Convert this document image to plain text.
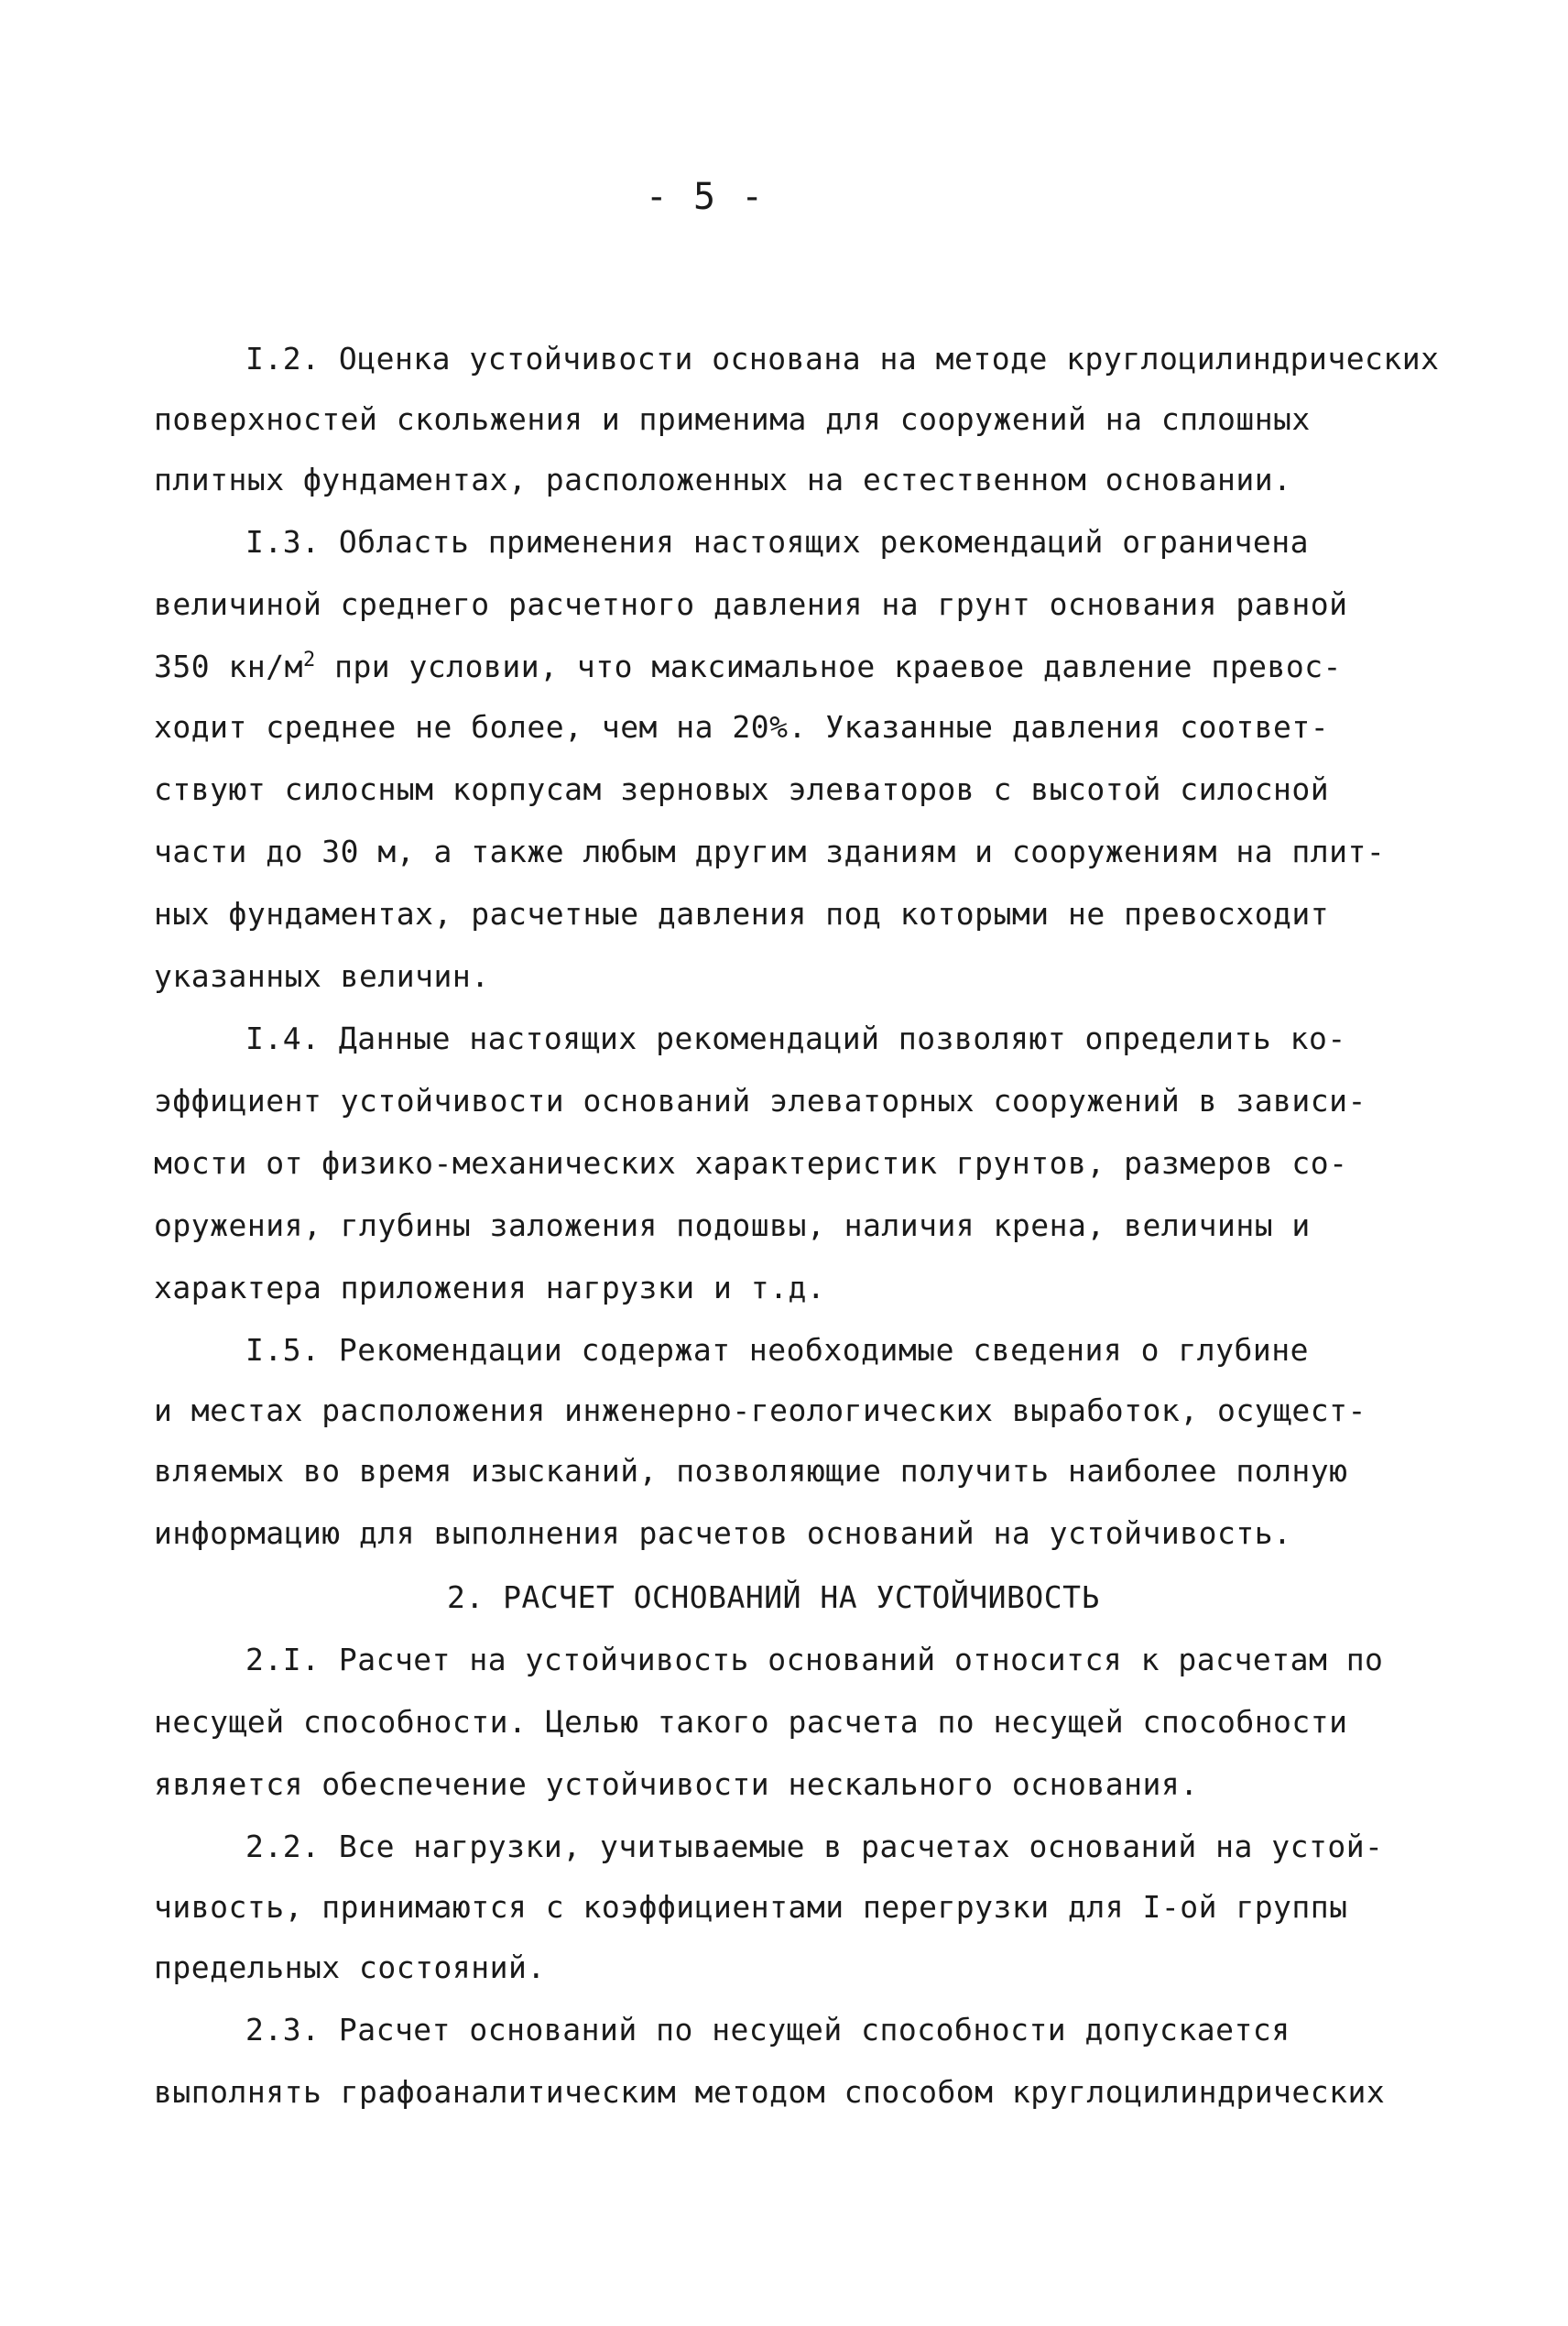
- 5 -
I.2. Оценка устойчивости основана на методе круглоцилиндрических
поверхностей скольжения и применима для сооружений на сплошных
плитных фундаментах, расположенных на естественном основании.
I.3. Область применения настоящих рекомендаций ограничена
величиной среднего расчетного давления на грунт основания равной
350 $кн/м^2$ при условии, что максимальное краевое давление превос-
ходит среднее не более, чем на 20%. Указанные давления соответ-
ствуют силосным корпусам зерновых элеваторов с высотой силосной
части до 30 м, а также любым другим зданиям и сооружениям на плит-
ных фундаментах, расчетные давления под которыми не превосходит
указанных величин.
I.4. Данные настоящих рекомендаций позволяют определить ко-
эффициент устойчивости оснований элеваторных сооружений в зависи-
мости от физико-механических характеристик грунтов, размеров со-
оружения, глубины заложения подошвы, наличия крена, величины и
характера приложения нагрузки и т.д.
I.5. Рекомендации содержат необходимые сведения о глубине
и местах расположения инженерно-геологических выработок, осущест-
вляемых во время изысканий, позволяющие получить наиболее полную
информацию для выполнения расчетов оснований на устойчивость.
2. РАСЧЕТ ОСНОВАНИЙ НА УСТОЙЧИВОСТЬ
2.I. Расчет на устойчивость оснований относится к расчетам по
несущей способности. Целью такого расчета по несущей способности
является обеспечение устойчивости нескального основания.
2.2. Все нагрузки, учитываемые в расчетах оснований на устой-
чивость, принимаются с коэффициентами перегрузки для I-ой группы
предельных состояний.
2.3. Расчет оснований по несущей способности допускается
выполнять графоаналитическим методом способом круглоцилиндрических
